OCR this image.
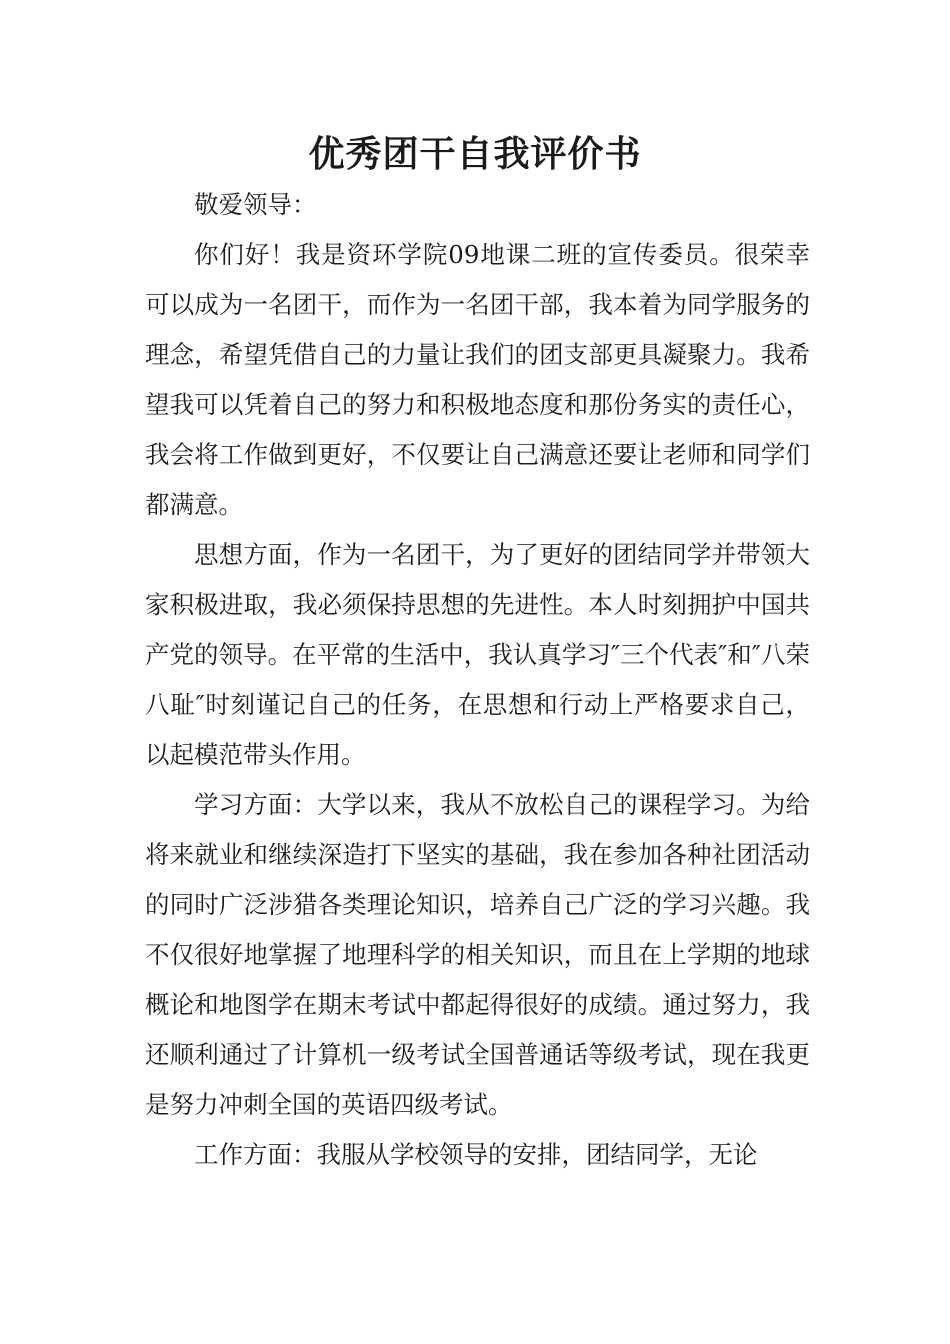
优秀团干自我评价书

敬爱领导：

你们好！我是资环学院09地课二班的宣传委员。很荣幸可以成为一名团干，而作为一名团干部，我本着为同学服务的理念，希望凭借自己的力量让我们的团支部更具凝聚力。我希望我可以凭着自己的努力和积极地态度和那份务实的责任心，我会将工作做到更好，不仅要让自己满意还要让老师和同学们都满意。

思想方面，作为一名团干，为了更好的团结同学并带领大家积极进取，我必须保持思想的先进性。本人时刻拥护中国共产党的领导。在平常的生活中，我认真学习″三个代表″和″八荣八耻″时刻谨记自己的任务，在思想和行动上严格要求自己，以起模范带头作用。

学习方面：大学以来，我从不放松自己的课程学习。为给将来就业和继续深造打下坚实的基础，我在参加各种社团活动的同时广泛涉猎各类理论知识，培养自己广泛的学习兴趣。我不仅很好地掌握了地理科学的相关知识，而且在上学期的地球概论和地图学在期末考试中都起得很好的成绩。通过努力，我还顺利通过了计算机一级考试全国普通话等级考试，现在我更是努力冲刺全国的英语四级考试。

工作方面：我服从学校领导的安排，团结同学，无论
